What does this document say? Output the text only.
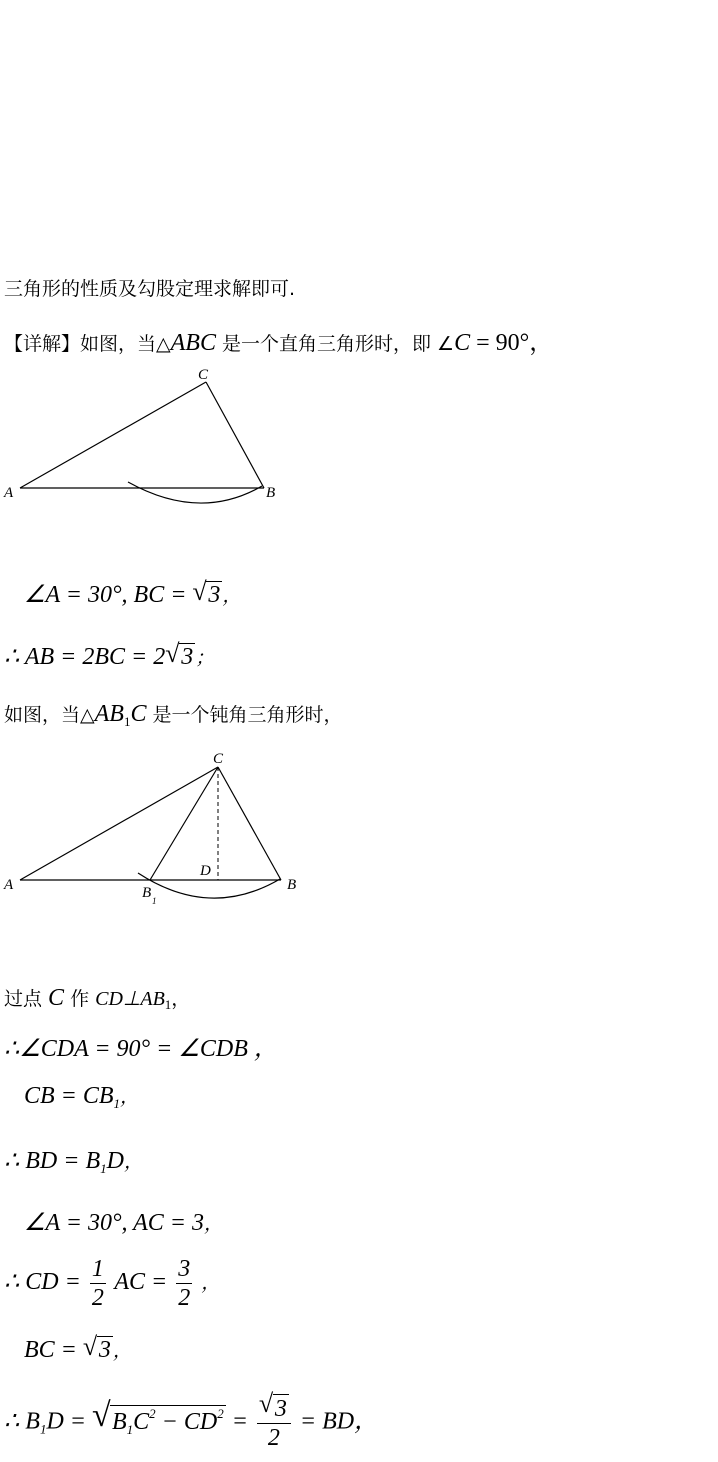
三角形的性质及勾股定理求解即可.
【详解】如图，当△ABC 是一个直角三角形时，即 ∠C = 90°，
C
A	B
∠A = 30°, BC = √ 3 ，
∴ AB = 2BC = 2 √ 3 ；
如图，当$\triangle AB_1C$ 是一个钝角三角形时，
C
D
A	B
B 1
过点 C 作 $CD\perp AB_1$，
∴∠CDA = 90° = ∠CDB ，
CB = $CB_1$，
∴ BD = $B_1D$，
∠A = 30°, AC = 3，
∴ CD = $\frac{1}{2}$ AC = $\frac{3}{2}$ ，
BC = √ 3 ，
∴ $B_1D$ = √ $B_1C^2 - CD^2 = \frac{√ 3}{2}$ = BD，
